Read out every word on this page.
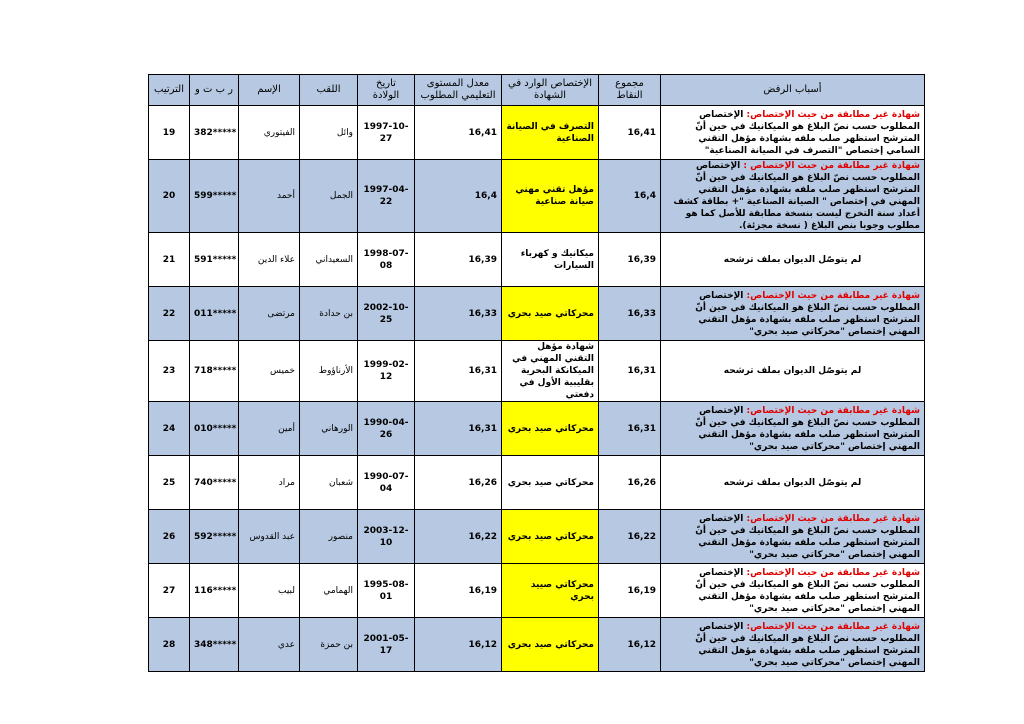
الترتيب	ر ب ت و	الإسم	اللقب	تاريخ الولادة	معدل المستوى التعليمي المطلوب	الإختصاص الوارد في الشهادة	مجموع النقاط	أسباب الرفض
19	382*****	الفيتوري	وائل	1997-10-27	16,41	التصرف في الصيانة الصناعية	16,41	شهادة غير مطابقة من حيث الإختصاص: الإختصاص المطلوب حسب نصّ البلاغ هو الميكانيك في حين أنّ المترشح استظهر صلب ملفه بشهادة مؤهل التقني السامي إختصاص "التصرف في الصيانة الصناعية"
20	599*****	أحمد	الجمل	1997-04-22	16,4	مؤهل تقني مهني صيانة صناعية	16,4	شهادة غير مطابقة من حيث الإختصاص : الإختصاص المطلوب حسب نصّ البلاغ هو الميكانيك في حين أنّ المترشح استظهر صلب ملفه بشهادة مؤهل التقني المهني في إختصاص " الصيانة الصناعية "+ بطاقة كشف أعداد سنة التخرج ليست بنسخة مطابقة للأصل كما هو مطلوب وجوبا بنص البلاغ ( نسخة مجزئة).
21	591*****	علاء الدين	السعيداني	1998-07-08	16,39	ميكانيك و كهرباء السيارات	16,39	لم يتوصّل الديوان بملف ترشحه
22	011*****	مرتضى	بن حدادة	2002-10-25	16,33	محركاتي صيد بحري	16,33	شهادة غير مطابقة من حيث الإختصاص: الإختصاص المطلوب حسب نصّ البلاغ هو الميكانيك في حين أنّ المترشح استظهر صلب ملفه بشهادة مؤهل التقني المهني إختصاص "محركاتي صيد بحري"
23	718*****	خميس	الأرناؤوط	1999-02-12	16,31	شهادة مؤهل التقني المهني في الميكانكة البحرية بقليبية الأول في دفعتي	16,31	لم يتوصّل الديوان بملف ترشحه
24	010*****	أمين	الورهاني	1990-04-26	16,31	محركاتي صيد بحري	16,31	شهادة غير مطابقة من حيث الإختصاص: الإختصاص المطلوب حسب نصّ البلاغ هو الميكانيك في حين أنّ المترشح استظهر صلب ملفه بشهادة مؤهل التقني المهني إختصاص "محركاتي صيد بحري"
25	740*****	مراد	شعبان	1990-07-04	16,26	محركاتي صيد بحري	16,26	لم يتوصّل الديوان بملف ترشحه
26	592*****	عبد القدوس	منصور	2003-12-10	16,22	محركاتي صيد بحري	16,22	شهادة غير مطابقة من حيث الإختصاص: الإختصاص المطلوب حسب نصّ البلاغ هو الميكانيك في حين أنّ المترشح استظهر صلب ملفه بشهادة مؤهل التقني المهني إختصاص "محركاتي صيد بحري"
27	116*****	لبيب	الهمامي	1995-08-01	16,19	محركاتي صييد بحري	16,19	شهادة غير مطابقة من حيث الإختصاص: الإختصاص المطلوب حسب نصّ البلاغ هو الميكانيك في حين أنّ المترشح استظهر صلب ملفه بشهادة مؤهل التقني المهني إختصاص "محركاتي صيد بحري"
28	348*****	عدي	بن حمزة	2001-05-17	16,12	محركاتي صيد بحري	16,12	شهادة غير مطابقة من حيث الإختصاص: الإختصاص المطلوب حسب نصّ البلاغ هو الميكانيك في حين أنّ المترشح استظهر صلب ملفه بشهادة مؤهل التقني المهني إختصاص "محركاتي صيد بحري"
